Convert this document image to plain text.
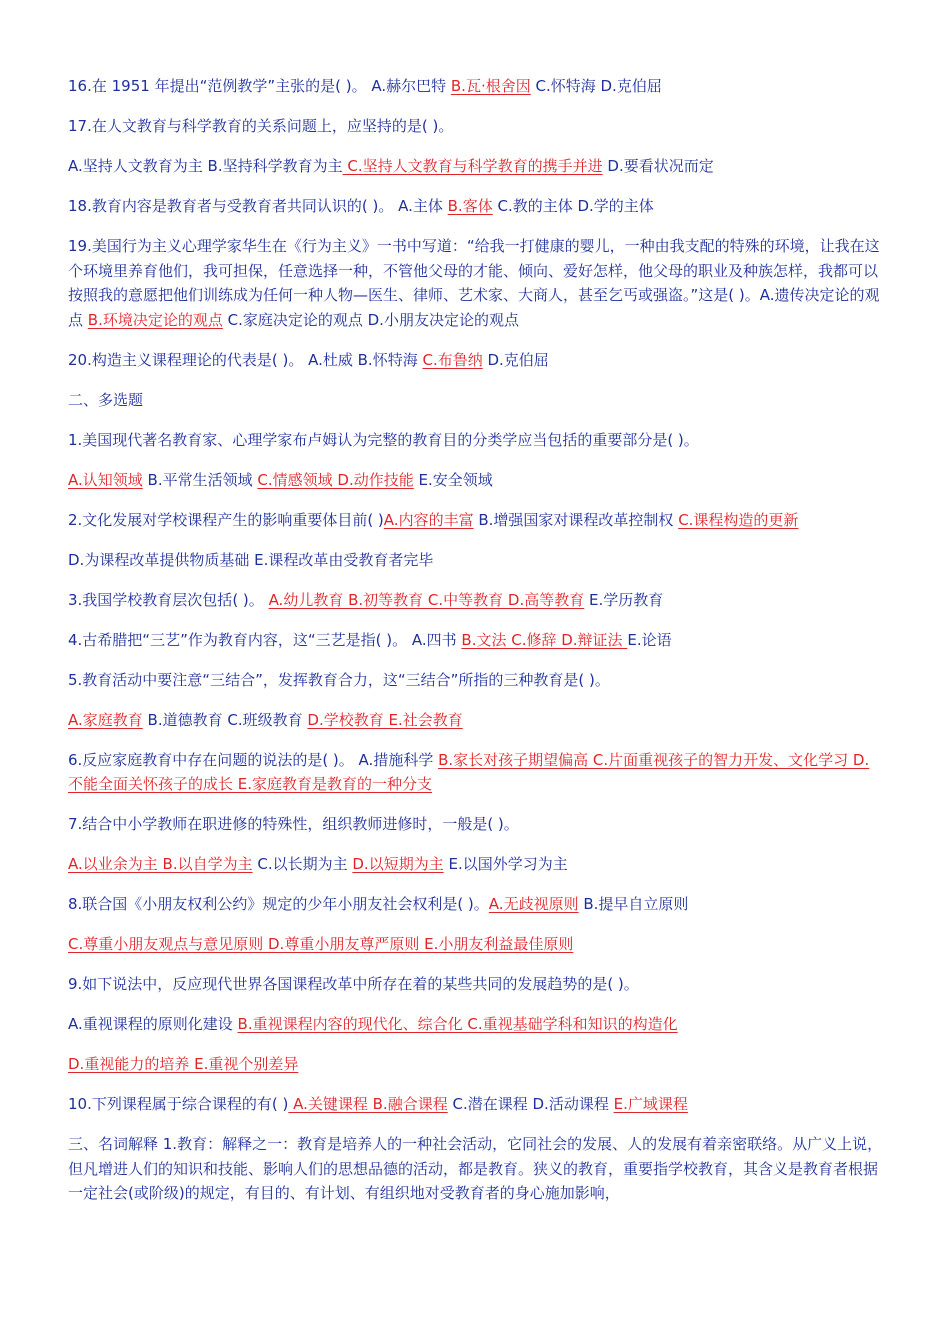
16.在 1951 年提出“范例教学”主张的是( )。 A.赫尔巴特 B.瓦·根舍因 C.怀特海 D.克伯屈
17.在人文教育与科学教育的关系问题上，应坚持的是( )。
A.坚持人文教育为主 B.坚持科学教育为主 C.坚持人文教育与科学教育的携手并进 D.要看状况而定
18.教育内容是教育者与受教育者共同认识的( )。 A.主体 B.客体 C.教的主体 D.学的主体
19.美国行为主义心理学家华生在《行为主义》一书中写道：“给我一打健康的婴儿，一种由我支配的特殊的环境，让我在这个环境里养育他们，我可担保，任意选择一种，不管他父母的才能、倾向、爱好怎样，他父母的职业及种族怎样，我都可以按照我的意愿把他们训练成为任何一种人物—医生、律师、艺术家、大商人，甚至乞丐或强盗。”这是( )。A.遗传决定论的观点 B.环境决定论的观点 C.家庭决定论的观点 D.小朋友决定论的观点
20.构造主义课程理论的代表是( )。 A.杜威 B.怀特海 C.布鲁纳 D.克伯屈
二、多选题
1.美国现代著名教育家、心理学家布卢姆认为完整的教育目的分类学应当包括的重要部分是( )。
A.认知领域 B.平常生活领域 C.情感领域 D.动作技能 E.安全领域
2.文化发展对学校课程产生的影响重要体目前( )A.内容的丰富 B.增强国家对课程改革控制权 C.课程构造的更新
D.为课程改革提供物质基础 E.课程改革由受教育者完毕
3.我国学校教育层次包括( )。 A.幼儿教育 B.初等教育 C.中等教育 D.高等教育 E.学历教育
4.古希腊把“三艺”作为教育内容，这“三艺是指( )。 A.四书 B.文法 C.修辞 D.辩证法 E.论语
5.教育活动中要注意“三结合”，发挥教育合力，这“三结合”所指的三种教育是( )。
A.家庭教育 B.道德教育 C.班级教育 D.学校教育 E.社会教育
6.反应家庭教育中存在问题的说法的是( )。 A.措施科学 B.家长对孩子期望偏高 C.片面重视孩子的智力开发、文化学习 D.不能全面关怀孩子的成长 E.家庭教育是教育的一种分支
7.结合中小学教师在职进修的特殊性，组织教师进修时，一般是( )。
A.以业余为主 B.以自学为主 C.以长期为主 D.以短期为主 E.以国外学习为主
8.联合国《小朋友权利公约》规定的少年小朋友社会权利是( )。A.无歧视原则 B.提早自立原则
C.尊重小朋友观点与意见原则 D.尊重小朋友尊严原则 E.小朋友利益最佳原则
9.如下说法中，反应现代世界各国课程改革中所存在着的某些共同的发展趋势的是( )。
A.重视课程的原则化建设 B.重视课程内容的现代化、综合化 C.重视基础学科和知识的构造化
D.重视能力的培养 E.重视个别差异
10.下列课程属于综合课程的有( ) A.关键课程 B.融合课程 C.潜在课程 D.活动课程 E.广域课程
三、名词解释 1.教育：解释之一：教育是培养人的一种社会活动，它同社会的发展、人的发展有着亲密联络。从广义上说，但凡增进人们的知识和技能、影响人们的思想品德的活动，都是教育。狭义的教育，重要指学校教育，其含义是教育者根据一定社会(或阶级)的规定，有目的、有计划、有组织地对受教育者的身心施加影响，
